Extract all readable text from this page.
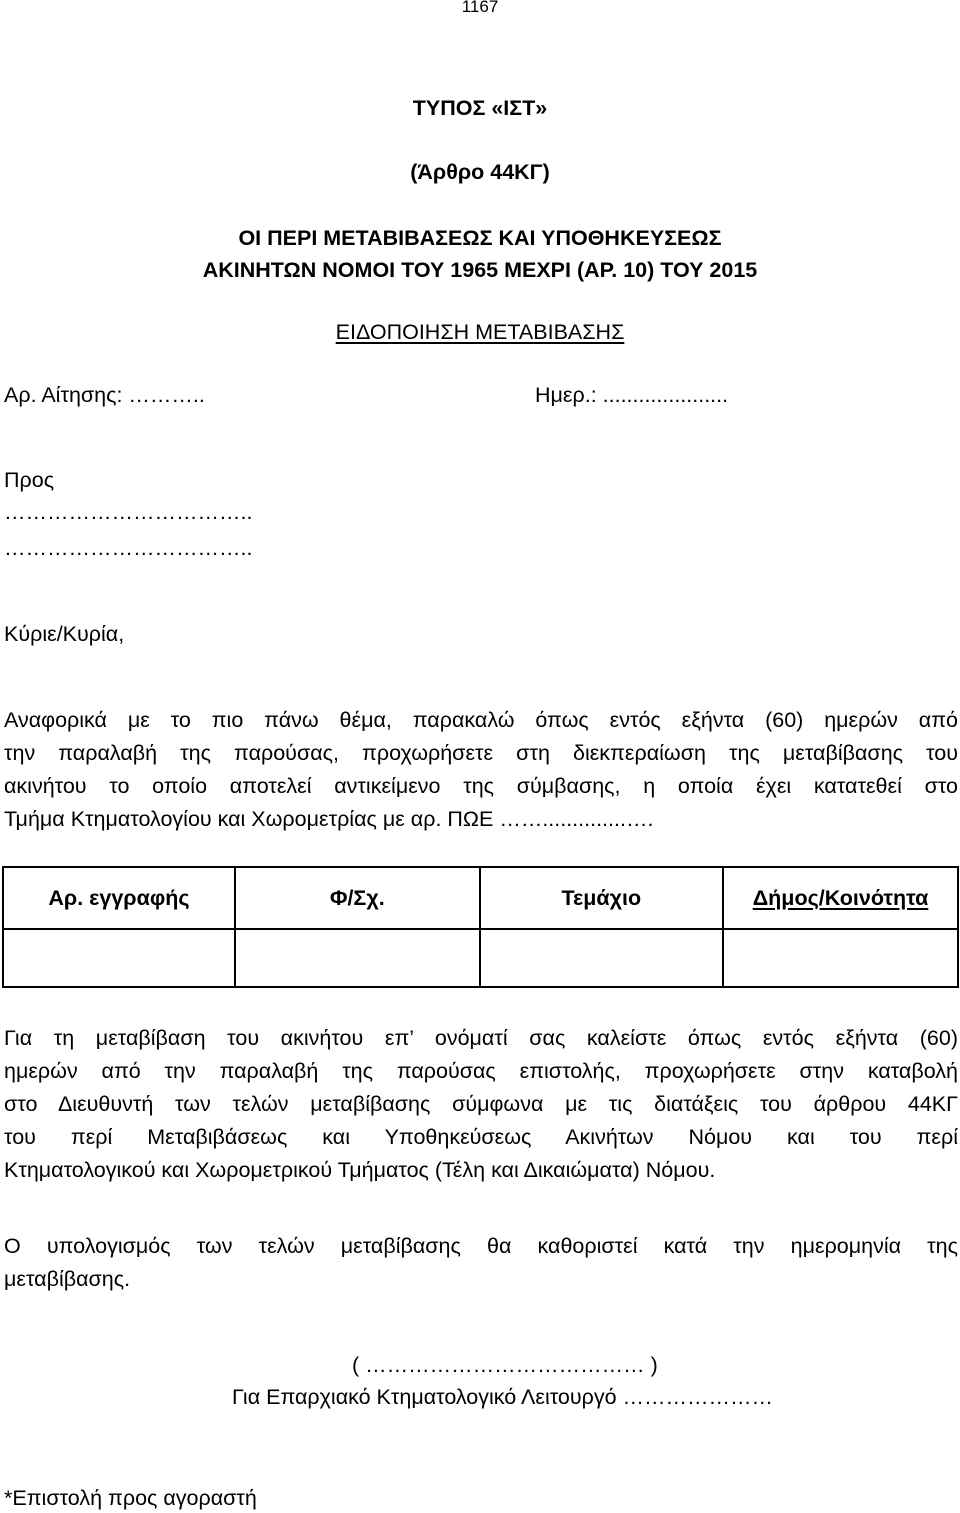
1167
ΤΥΠΟΣ «ΙΣΤ»
(Άρθρο 44ΚΓ)
ΟΙ ΠΕΡΙ ΜΕΤΑΒΙΒΑΣΕΩΣ ΚΑΙ ΥΠΟΘΗΚΕΥΣΕΩΣ
ΑΚΙΝΗΤΩΝ ΝΟΜΟΙ ΤΟΥ 1965 ΜΕΧΡΙ (ΑΡ. 10) ΤΟΥ 2015
ΕΙΔΟΠΟΙΗΣΗ ΜΕΤΑΒΙΒΑΣΗΣ
Αρ. Αίτησης: ………..	Ημερ.: .....................
Προς
……………………………..
……………………………..
Κύριε/Κυρία,
Αναφορικά με το πιο πάνω θέμα, παρακαλώ όπως εντός εξήντα (60) ημερών από
την παραλαβή της παρούσας, προχωρήσετε στη διεκπεραίωση της μεταβίβασης του
ακινήτου το οποίο αποτελεί αντικείμενο της σύμβασης, η οποία έχει κατατεθεί στο
Τμήμα Κτηματολογίου και Χωρομετρίας με αρ. ΠΩΕ ……..............….
Αρ. εγγραφής	Φ/Σχ.	Τεμάχιο	Δήμος/Κοινότητα

Για τη μεταβίβαση του ακινήτου επ’ ονόματί σας καλείστε όπως εντός εξήντα (60)
ημερών από την παραλαβή της παρούσας επιστολής, προχωρήσετε στην καταβολή
στο Διευθυντή των τελών μεταβίβασης σύμφωνα με τις διατάξεις του άρθρου 44ΚΓ
του περί Μεταβιβάσεως και Υποθηκεύσεως Ακινήτων Νόμου και του περί
Κτηματολογικού και Χωρομετρικού Τμήματος (Τέλη και Δικαιώματα) Νόμου.
Ο υπολογισμός των τελών μεταβίβασης θα καθοριστεί κατά την ημερομηνία της
μεταβίβασης.
( ………………………………… )
Για Επαρχιακό Κτηματολογικό Λειτουργό …………………
*Επιστολή προς αγοραστή
